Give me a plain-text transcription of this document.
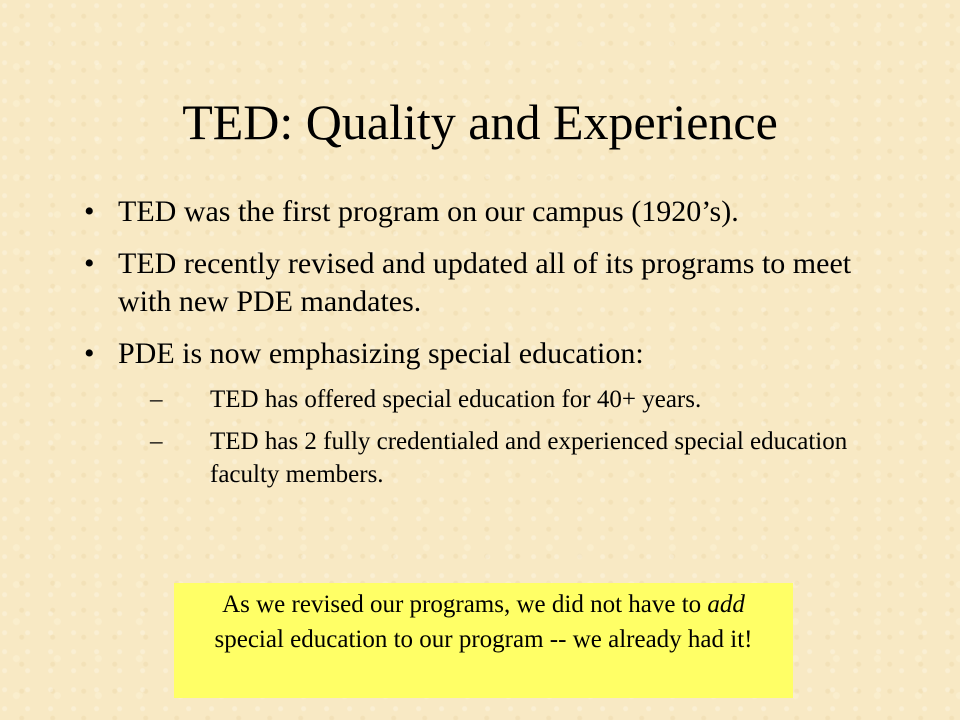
TED: Quality and Experience
• TED was the first program on our campus (1920’s).
• TED recently revised and updated all of its programs to meet with new PDE mandates.
• PDE is now emphasizing special education:
– TED has offered special education for 40+ years.
– TED has 2 fully credentialed and experienced special education faculty members.
As we revised our programs, we did not have to add special education to our program -- we already had it!
